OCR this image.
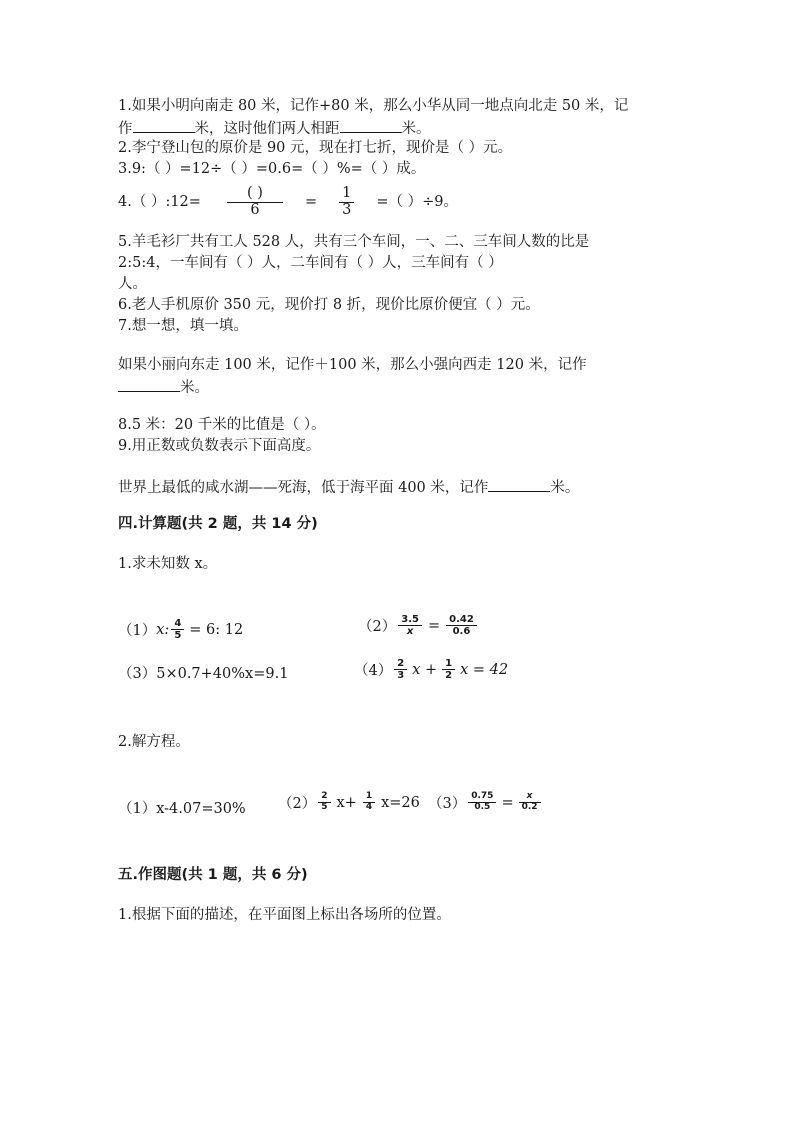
1.如果小明向南走 80 米，记作+80 米，那么小华从同一地点向北走 50 米，记
作	米，这时他们两人相距	米。
2.李宁登山包的原价是 90 元，现在打七折，现价是（ ）元。
3.9:（ ）=12÷（ ）=0.6=（ ）%=（ ）成。
4.（ ）:12= $\frac{( )}{6} = \frac{1}{3}$ =（ ）÷9。
5.羊毛衫厂共有工人 528 人，共有三个车间，一、二、三车间人数的比是
2:5:4，一车间有（ ）人，二车间有（ ）人，三车间有（ ）
人。
6.老人手机原价 350 元，现价打 8 折，现价比原价便宜（ ）元。
7.想一想，填一填。
如果小丽向东走 100 米，记作＋100 米，那么小强向西走 120 米，记作
米。
8.5 米：20 千米的比值是（ ）。
9.用正数或负数表示下面高度。
世界上最低的咸水湖——死海，低于海平面 400 米，记作	米。
四.计算题(共 2 题，共 14 分)
1.求未知数 x。
（1） x: $\frac{4}{5} = 6$: 12	$(2) \frac{3.5}{x} = \frac{0.42}{0.6}$
（3）5×0.7+40%x=9.1	$(4) \frac{2}{3}$ $x + \frac{1}{2}$ x = 42
2.解方程。
（1）x-4.07=30% $(2) \frac{2}{5} x+ \frac{1}{4} x=26$ $(3) \frac{0.75}{0.5} = \frac{x}{0.2}$
五.作图题(共 1 题，共 6 分)
1.根据下面的描述，在平面图上标出各场所的位置。
